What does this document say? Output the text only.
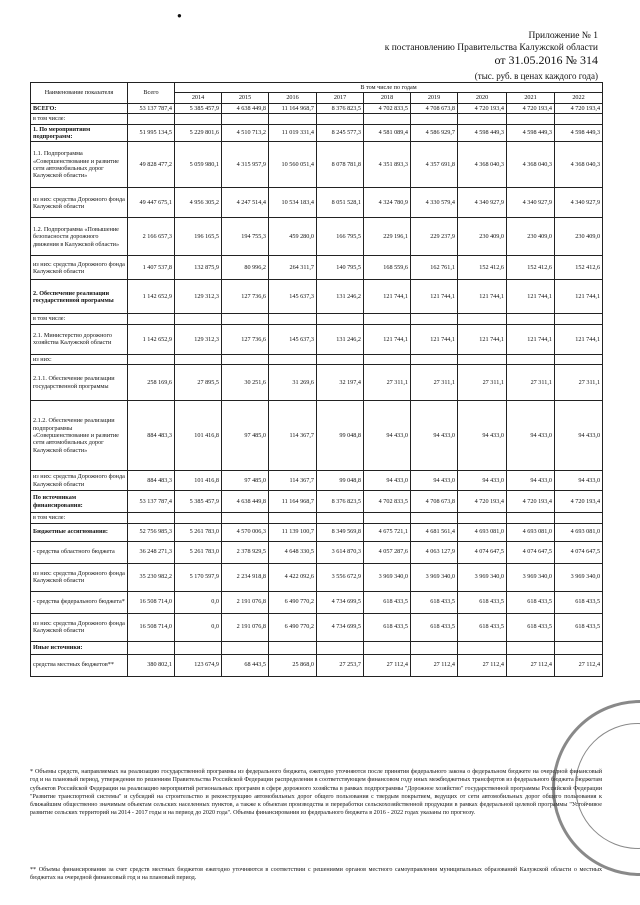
●
Приложение № 1
к постановлению Правительства Калужской области
от 31.05.2016 № 314
(тыс. руб. в ценах каждого года)
Наименование показателя	Всего	В том числе по годам								
		2014	2015	2016	2017	2018	2019	2020	2021	2022
ВСЕГО:	53 137 787,4	5 385 457,9	4 638 449,8	11 164 968,7	8 376 823,5	4 702 833,5	4 708 673,8	4 720 193,4	4 720 193,4	4 720 193,4
в том числе:										
1. По мероприятиям подпрограмм:	51 995 134,5	5 229 801,6	4 510 713,2	11 019 331,4	8 245 577,3	4 581 089,4	4 586 929,7	4 598 449,3	4 598 449,3	4 598 449,3
1.1. Подпрограмма «Совершенствование и развитие сети автомобильных дорог Калужской области»	49 828 477,2	5 059 980,1	4 315 957,9	10 560 051,4	8 078 781,8	4 351 893,3	4 357 691,8	4 368 040,3	4 368 040,3	4 368 040,3
из них: средства Дорожного фонда Калужской области	49 447 675,1	4 956 305,2	4 247 514,4	10 534 183,4	8 051 528,1	4 324 780,9	4 330 579,4	4 340 927,9	4 340 927,9	4 340 927,9
1.2. Подпрограмма «Повышение безопасности дорожного движения в Калужской области»	2 166 657,3	196 165,5	194 755,3	459 280,0	166 795,5	229 196,1	229 237,9	230 409,0	230 409,0	230 409,0
из них: средства Дорожного фонда Калужской области	1 407 537,8	132 875,9	80 996,2	264 311,7	140 795,5	168 559,6	162 761,1	152 412,6	152 412,6	152 412,6
2. Обеспечение реализации государственной программы	1 142 652,9	129 312,3	127 736,6	145 637,3	131 246,2	121 744,1	121 744,1	121 744,1	121 744,1	121 744,1
в том числе:										
2.1. Министерство дорожного хозяйства Калужской области	1 142 652,9	129 312,3	127 736,6	145 637,3	131 246,2	121 744,1	121 744,1	121 744,1	121 744,1	121 744,1
из них:										
2.1.1. Обеспечение реализации государственной программы	258 169,6	27 895,5	30 251,6	31 269,6	32 197,4	27 311,1	27 311,1	27 311,1	27 311,1	27 311,1
2.1.2. Обеспечение реализации подпрограммы «Совершенствование и развитие сети автомобильных дорог Калужской области»	884 483,3	101 416,8	97 485,0	114 367,7	99 048,8	94 433,0	94 433,0	94 433,0	94 433,0	94 433,0
из них: средства Дорожного фонда Калужской области	884 483,3	101 416,8	97 485,0	114 367,7	99 048,8	94 433,0	94 433,0	94 433,0	94 433,0	94 433,0
По источникам финансирования:	53 137 787,4	5 385 457,9	4 638 449,8	11 164 968,7	8 376 823,5	4 702 833,5	4 708 673,8	4 720 193,4	4 720 193,4	4 720 193,4
в том числе:										
Бюджетные ассигнования:	52 756 985,3	5 261 783,0	4 570 006,3	11 139 100,7	8 349 569,8	4 675 721,1	4 681 561,4	4 693 081,0	4 693 081,0	4 693 081,0
- средства областного бюджета	36 248 271,3	5 261 783,0	2 378 929,5	4 648 330,5	3 614 870,3	4 057 287,6	4 063 127,9	4 074 647,5	4 074 647,5	4 074 647,5
из них: средства Дорожного фонда Калужской области	35 230 982,2	5 170 597,9	2 234 918,8	4 422 092,6	3 556 672,9	3 969 340,0	3 969 340,0	3 969 340,0	3 969 340,0	3 969 340,0
- средства федерального бюджета*	16 508 714,0	0,0	2 191 076,8	6 490 770,2	4 734 699,5	618 433,5	618 433,5	618 433,5	618 433,5	618 433,5
из них: средства Дорожного фонда Калужской области	16 508 714,0	0,0	2 191 076,8	6 490 770,2	4 734 699,5	618 433,5	618 433,5	618 433,5	618 433,5	618 433,5
Иные источники:										
средства местных бюджетов**	380 802,1	123 674,9	68 443,5	25 868,0	27 253,7	27 112,4	27 112,4	27 112,4	27 112,4	27 112,4
* Объемы средств, направляемых на реализацию государственной программы из федерального бюджета, ежегодно уточняются после принятия федерального закона о федеральном бюджете на очередной финансовый год и на плановый период, утверждения по решениям Правительства Российской Федерации распределения в соответствующем финансовом году иных межбюджетных трансфертов из федерального бюджета бюджетам субъектов Российской Федерации на реализацию мероприятий региональных программ в сфере дорожного хозяйства в рамках подпрограммы "Дорожное хозяйство" государственной программы Российской Федерации "Развитие транспортной системы" и субсидий на строительство и реконструкцию автомобильных дорог общего пользования с твердым покрытием, ведущих от сети автомобильных дорог общего пользования к ближайшим общественно значимым объектам сельских населенных пунктов, а также к объектам производства и переработки сельскохозяйственной продукции в рамках федеральной целевой программы "Устойчивое развитие сельских территорий на 2014 - 2017 годы и на период до 2020 года". Объемы финансирования из федерального бюджета в 2016 - 2022 годах указаны по прогнозу.
** Объемы финансирования за счет средств местных бюджетов ежегодно уточняются в соответствии с решениями органов местного самоуправления муниципальных образований Калужской области о местных бюджетах на очередной финансовый год и на плановый период.
